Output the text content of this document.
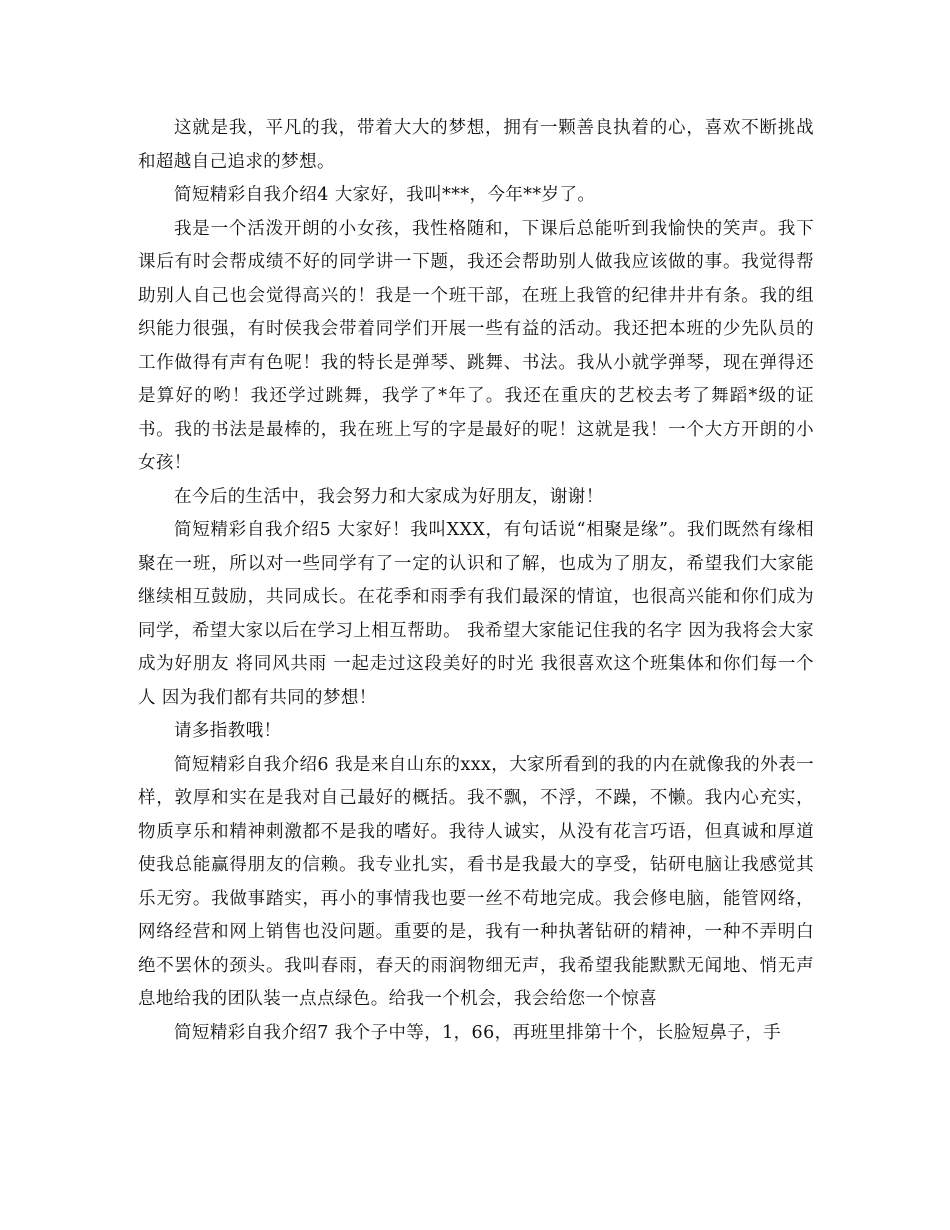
这就是我，平凡的我，带着大大的梦想，拥有一颗善良执着的心，喜欢不断挑战和超越自己追求的梦想。

简短精彩自我介绍4 大家好，我叫***，今年**岁了。

我是一个活泼开朗的小女孩，我性格随和，下课后总能听到我愉快的笑声。我下课后有时会帮成绩不好的同学讲一下题，我还会帮助别人做我应该做的事。我觉得帮助别人自己也会觉得高兴的！我是一个班干部，在班上我管的纪律井井有条。我的组织能力很强，有时侯我会带着同学们开展一些有益的活动。我还把本班的少先队员的工作做得有声有色呢！我的特长是弹琴、跳舞、书法。我从小就学弹琴，现在弹得还是算好的哟！我还学过跳舞，我学了*年了。我还在重庆的艺校去考了舞蹈*级的证书。我的书法是最棒的，我在班上写的字是最好的呢！这就是我！一个大方开朗的小女孩！

在今后的生活中，我会努力和大家成为好朋友，谢谢！

简短精彩自我介绍5 大家好！我叫XXX，有句话说“相聚是缘”。我们既然有缘相聚在一班，所以对一些同学有了一定的认识和了解，也成为了朋友，希望我们大家能继续相互鼓励，共同成长。在花季和雨季有我们最深的情谊，也很高兴能和你们成为同学，希望大家以后在学习上相互帮助。 我希望大家能记住我的名字 因为我将会大家成为好朋友 将同风共雨 一起走过这段美好的时光 我很喜欢这个班集体和你们每一个人 因为我们都有共同的梦想！

请多指教哦！

简短精彩自我介绍6 我是来自山东的xxx，大家所看到的我的内在就像我的外表一样，敦厚和实在是我对自己最好的概括。我不飘，不浮，不躁，不懒。我内心充实，物质享乐和精神刺激都不是我的嗜好。我待人诚实，从没有花言巧语，但真诚和厚道使我总能赢得朋友的信赖。我专业扎实，看书是我最大的享受，钻研电脑让我感觉其乐无穷。我做事踏实，再小的事情我也要一丝不苟地完成。我会修电脑，能管网络，网络经营和网上销售也没问题。重要的是，我有一种执著钻研的精神，一种不弄明白绝不罢休的颈头。我叫春雨，春天的雨润物细无声，我希望我能默默无闻地、悄无声息地给我的团队装一点点绿色。给我一个机会，我会给您一个惊喜

简短精彩自我介绍7 我个子中等，1，66，再班里排第十个，长脸短鼻子，手
